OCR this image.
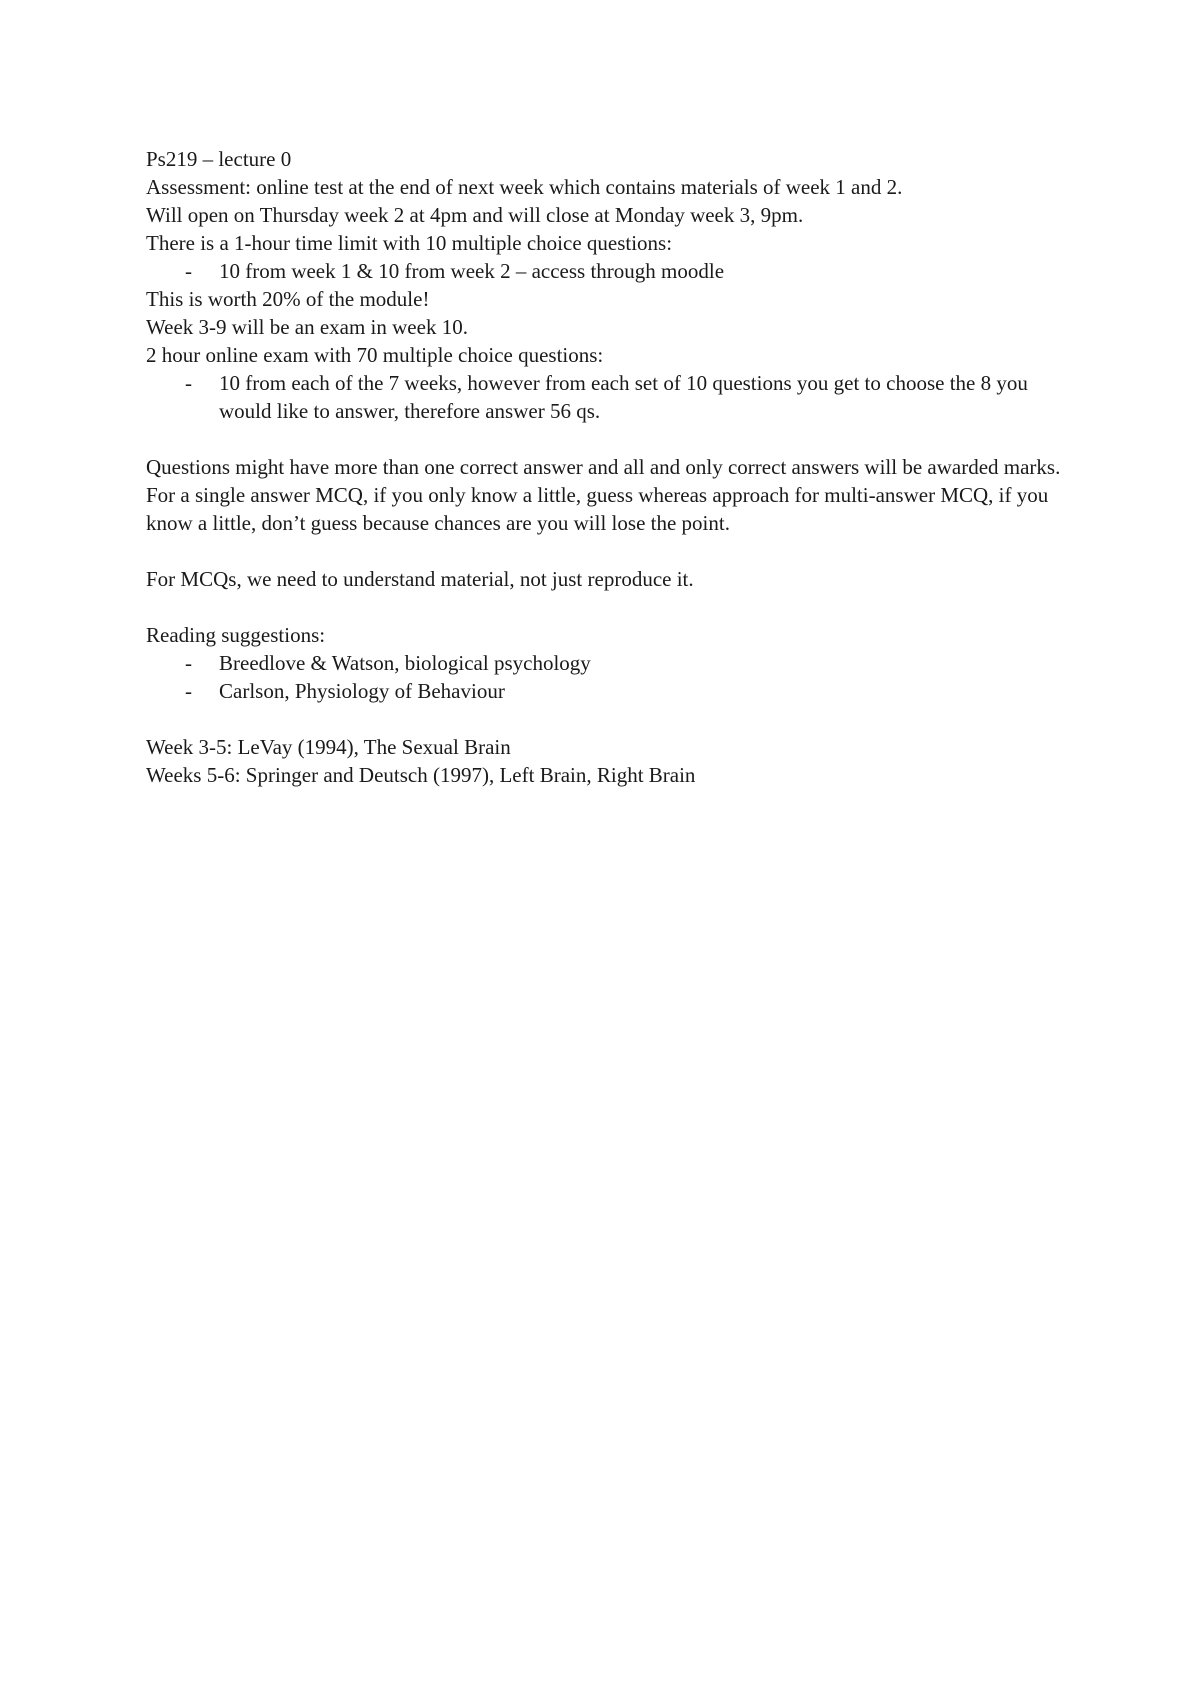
Ps219 – lecture 0

Assessment: online test at the end of next week which contains materials of week 1 and 2.

Will open on Thursday week 2 at 4pm and will close at Monday week 3, 9pm.

There is a 1-hour time limit with 10 multiple choice questions:

- 10 from week 1 & 10 from week 2 – access through moodle

This is worth 20% of the module!

Week 3-9 will be an exam in week 10.

2 hour online exam with 70 multiple choice questions:

- 10 from each of the 7 weeks, however from each set of 10 questions you get to choose the 8 you would like to answer, therefore answer 56 qs.

Questions might have more than one correct answer and all and only correct answers will be awarded marks.

For a single answer MCQ, if you only know a little, guess whereas approach for multi-answer MCQ, if you know a little, don’t guess because chances are you will lose the point.

For MCQs, we need to understand material, not just reproduce it.

Reading suggestions:

- Breedlove & Watson, biological psychology

- Carlson, Physiology of Behaviour

Week 3-5: LeVay (1994), The Sexual Brain

Weeks 5-6: Springer and Deutsch (1997), Left Brain, Right Brain
